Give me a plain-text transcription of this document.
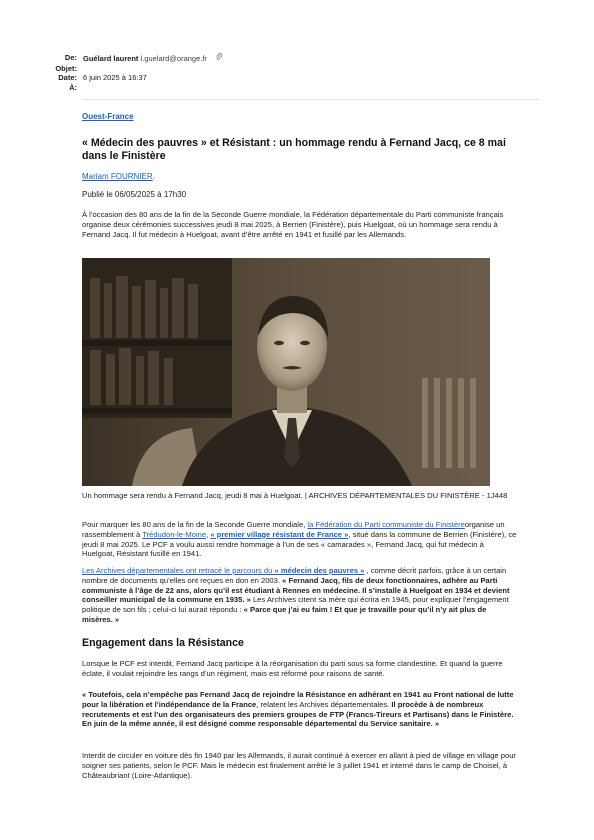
De: Guélard laurent l.guelard@orange.fr
Objet:
Date: 6 juin 2025 à 16:37
À:
Ouest-France
« Médecin des pauvres » et Résistant : un hommage rendu à Fernand Jacq, ce 8 mai dans le Finistère
Mariam FOURNIER.
Publié le 06/05/2025 à 17h30

À l’occasion des 80 ans de la fin de la Seconde Guerre mondiale, la Fédération départementale du Parti communiste français organise deux cérémonies successives jeudi 8 mai 2025, à Berrien (Finistère), puis Huelgoat, où un hommage sera rendu à Fernand Jacq. Il fut médecin à Huelgoat, avant d’être arrêté en 1941 et fusillé par les Allemands.

Un hommage sera rendu à Fernand Jacq, jeudi 8 mai à Huelgoat. | ARCHIVES DÉPARTEMENTALES DU FINISTÈRE - 1J448

Pour marquer les 80 ans de la fin de la Seconde Guerre mondiale, la Fédération du Parti communiste du Finistèreorganise un rassemblement à Trédudon-le-Moine, « premier village résistant de France », situé dans la commune de Berrien (Finistère), ce jeudi 8 mai 2025. Le PCF a voulu aussi rendre hommage à l’un de ses « camarades », Fernand Jacq, qui fut médecin à Huelgoat, Résistant fusillé en 1941.

Les Archives départementales ont retracé le parcours du « médecin des pauvres » , comme décrit parfois, grâce à un certain nombre de documents qu’elles ont reçues en don en 2003. « Fernand Jacq, fils de deux fonctionnaires, adhère au Parti communiste à l’âge de 22 ans, alors qu’il est étudiant à Rennes en médecine. Il s’installe à Huelgoat en 1934 et devient conseiller municipal de la commune en 1935. » Les Archives citent sa mère qui écrira en 1945, pour expliquer l’engagement politique de son fils ; celui-ci lui aurait répondu : « Parce que j’ai eu faim ! Et que je travaille pour qu’il n’y ait plus de misères. »

Engagement dans la Résistance

Lorsque le PCF est interdit, Fernand Jacq participe à la réorganisation du parti sous sa forme clandestine. Et quand la guerre éclate, il voulait rejoindre les rangs d’un régiment, mais est réformé pour raisons de santé.

« Toutefois, cela n’empêche pas Fernand Jacq de rejoindre la Résistance en adhérant en 1941 au Front national de lutte pour la libération et l’indépendance de la France, relatent les Archives départementales. Il procède à de nombreux recrutements et est l’un des organisateurs des premiers groupes de FTP (Francs-Tireurs et Partisans) dans le Finistère. En juin de la même année, il est désigné comme responsable départemental du Service sanitaire. »

Interdit de circuler en voiture dès fin 1940 par les Allemands, il aurait continué à exercer en allant à pied de village en village pour soigner ses patients, selon le PCF. Mais le médecin est finalement arrêté le 3 juillet 1941 et interné dans le camp de Choisel, à Châteaubriant (Loire-Atlantique).
